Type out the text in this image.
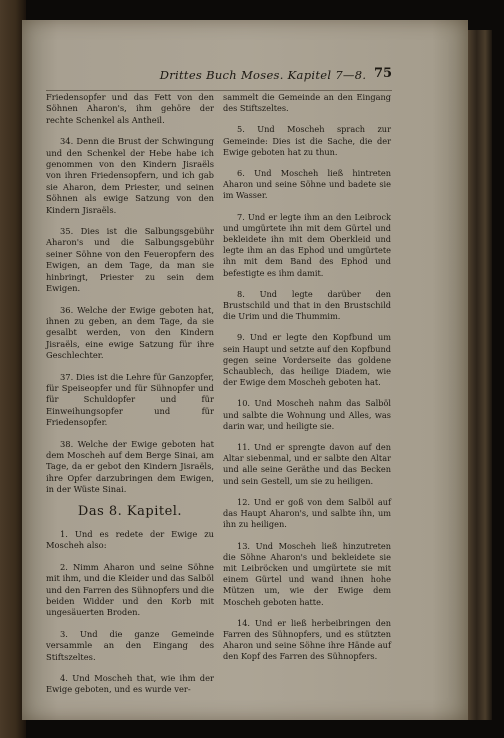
Drittes Buch Moses. Kapitel 7—8. 75

Friedensopfer und das Fett von den Söhnen Aharon's, ihm gehöre der rechte Schenkel als Antheil.

34. Denn die Brust der Schwingung und den Schenkel der Hebe habe ich genommen von den Kindern Jisraëls von ihren Friedensopfern, und ich gab sie Aharon, dem Priester, und seinen Söhnen als ewige Satzung von den Kindern Jisraëls.

35. Dies ist die Salbungsgebühr Aharon's und die Salbungsgebühr seiner Söhne von den Feueropfern des Ewigen, an dem Tage, da man sie hinbringt, Priester zu sein dem Ewigen.

36. Welche der Ewige geboten hat, ihnen zu geben, an dem Tage, da sie gesalbt werden, von den Kindern Jisraëls, eine ewige Satzung für ihre Geschlechter.

37. Dies ist die Lehre für Ganzopfer, für Speiseopfer und für Sühnopfer und für Schuldopfer und für Einweihungsopfer und für Friedensopfer.

38. Welche der Ewige geboten hat dem Moscheh auf dem Berge Sinai, am Tage, da er gebot den Kindern Jisraëls, ihre Opfer darzubringen dem Ewigen, in der Wüste Sinai.

Das 8. Kapitel.

1. Und es redete der Ewige zu Moscheh also:

2. Nimm Aharon und seine Söhne mit ihm, und die Kleider und das Salböl und den Farren des Sühnopfers und die beiden Widder und den Korb mit ungesäuerten Broden.

3. Und die ganze Gemeinde versammle an den Eingang des Stiftszeltes.

4. Und Moscheh that, wie ihm der Ewige geboten, und es wurde ver-

sammelt die Gemeinde an den Eingang des Stiftszeltes.

5. Und Moscheh sprach zur Gemeinde: Dies ist die Sache, die der Ewige geboten hat zu thun.

6. Und Moscheh ließ hintreten Aharon und seine Söhne und badete sie im Wasser.

7. Und er legte ihm an den Leibrock und umgürtete ihn mit dem Gürtel und bekleidete ihn mit dem Oberkleid und legte ihm an das Ephod und umgürtete ihn mit dem Band des Ephod und befestigte es ihm damit.

8. Und legte darüber den Brustschild und that in den Brustschild die Urim und die Thummim.

9. Und er legte den Kopfbund um sein Haupt und setzte auf den Kopfbund gegen seine Vorderseite das goldene Schaublech, das heilige Diadem, wie der Ewige dem Moscheh geboten hat.

10. Und Moscheh nahm das Salböl und salbte die Wohnung und Alles, was darin war, und heiligte sie.

11. Und er sprengte davon auf den Altar siebenmal, und er salbte den Altar und alle seine Geräthe und das Becken und sein Gestell, um sie zu heiligen.

12. Und er goß von dem Salböl auf das Haupt Aharon's, und salbte ihn, um ihn zu heiligen.

13. Und Moscheh ließ hinzutreten die Söhne Aharon's und bekleidete sie mit Leibröcken und umgürtete sie mit einem Gürtel und wand ihnen hohe Mützen um, wie der Ewige dem Moscheh geboten hatte.

14. Und er ließ herbeibringen den Farren des Sühnopfers, und es stützten Aharon und seine Söhne ihre Hände auf den Kopf des Farren des Sühnopfers.
